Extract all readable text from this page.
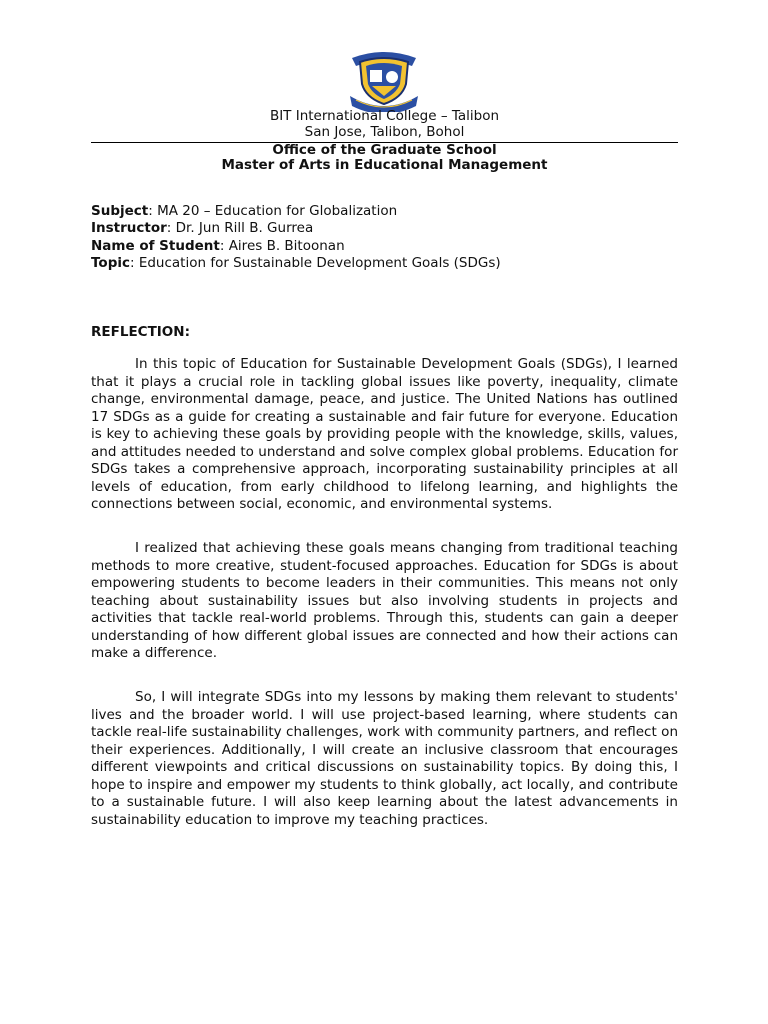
BIT International College – Talibon
San Jose, Talibon, Bohol
Office of the Graduate School
Master of Arts in Educational Management
Subject: MA 20 – Education for Globalization
Instructor: Dr. Jun Rill B. Gurrea
Name of Student: Aires B. Bitoonan
Topic: Education for Sustainable Development Goals (SDGs)
REFLECTION:

In this topic of Education for Sustainable Development Goals (SDGs), I learned that it plays a crucial role in tackling global issues like poverty, inequality, climate change, environmental damage, peace, and justice. The United Nations has outlined 17 SDGs as a guide for creating a sustainable and fair future for everyone. Education is key to achieving these goals by providing people with the knowledge, skills, values, and attitudes needed to understand and solve complex global problems. Education for SDGs takes a comprehensive approach, incorporating sustainability principles at all levels of education, from early childhood to lifelong learning, and highlights the connections between social, economic, and environmental systems.

I realized that achieving these goals means changing from traditional teaching methods to more creative, student-focused approaches. Education for SDGs is about empowering students to become leaders in their communities. This means not only teaching about sustainability issues but also involving students in projects and activities that tackle real-world problems. Through this, students can gain a deeper understanding of how different global issues are connected and how their actions can make a difference.

So, I will integrate SDGs into my lessons by making them relevant to students' lives and the broader world. I will use project-based learning, where students can tackle real-life sustainability challenges, work with community partners, and reflect on their experiences. Additionally, I will create an inclusive classroom that encourages different viewpoints and critical discussions on sustainability topics. By doing this, I hope to inspire and empower my students to think globally, act locally, and contribute to a sustainable future. I will also keep learning about the latest advancements in sustainability education to improve my teaching practices.
